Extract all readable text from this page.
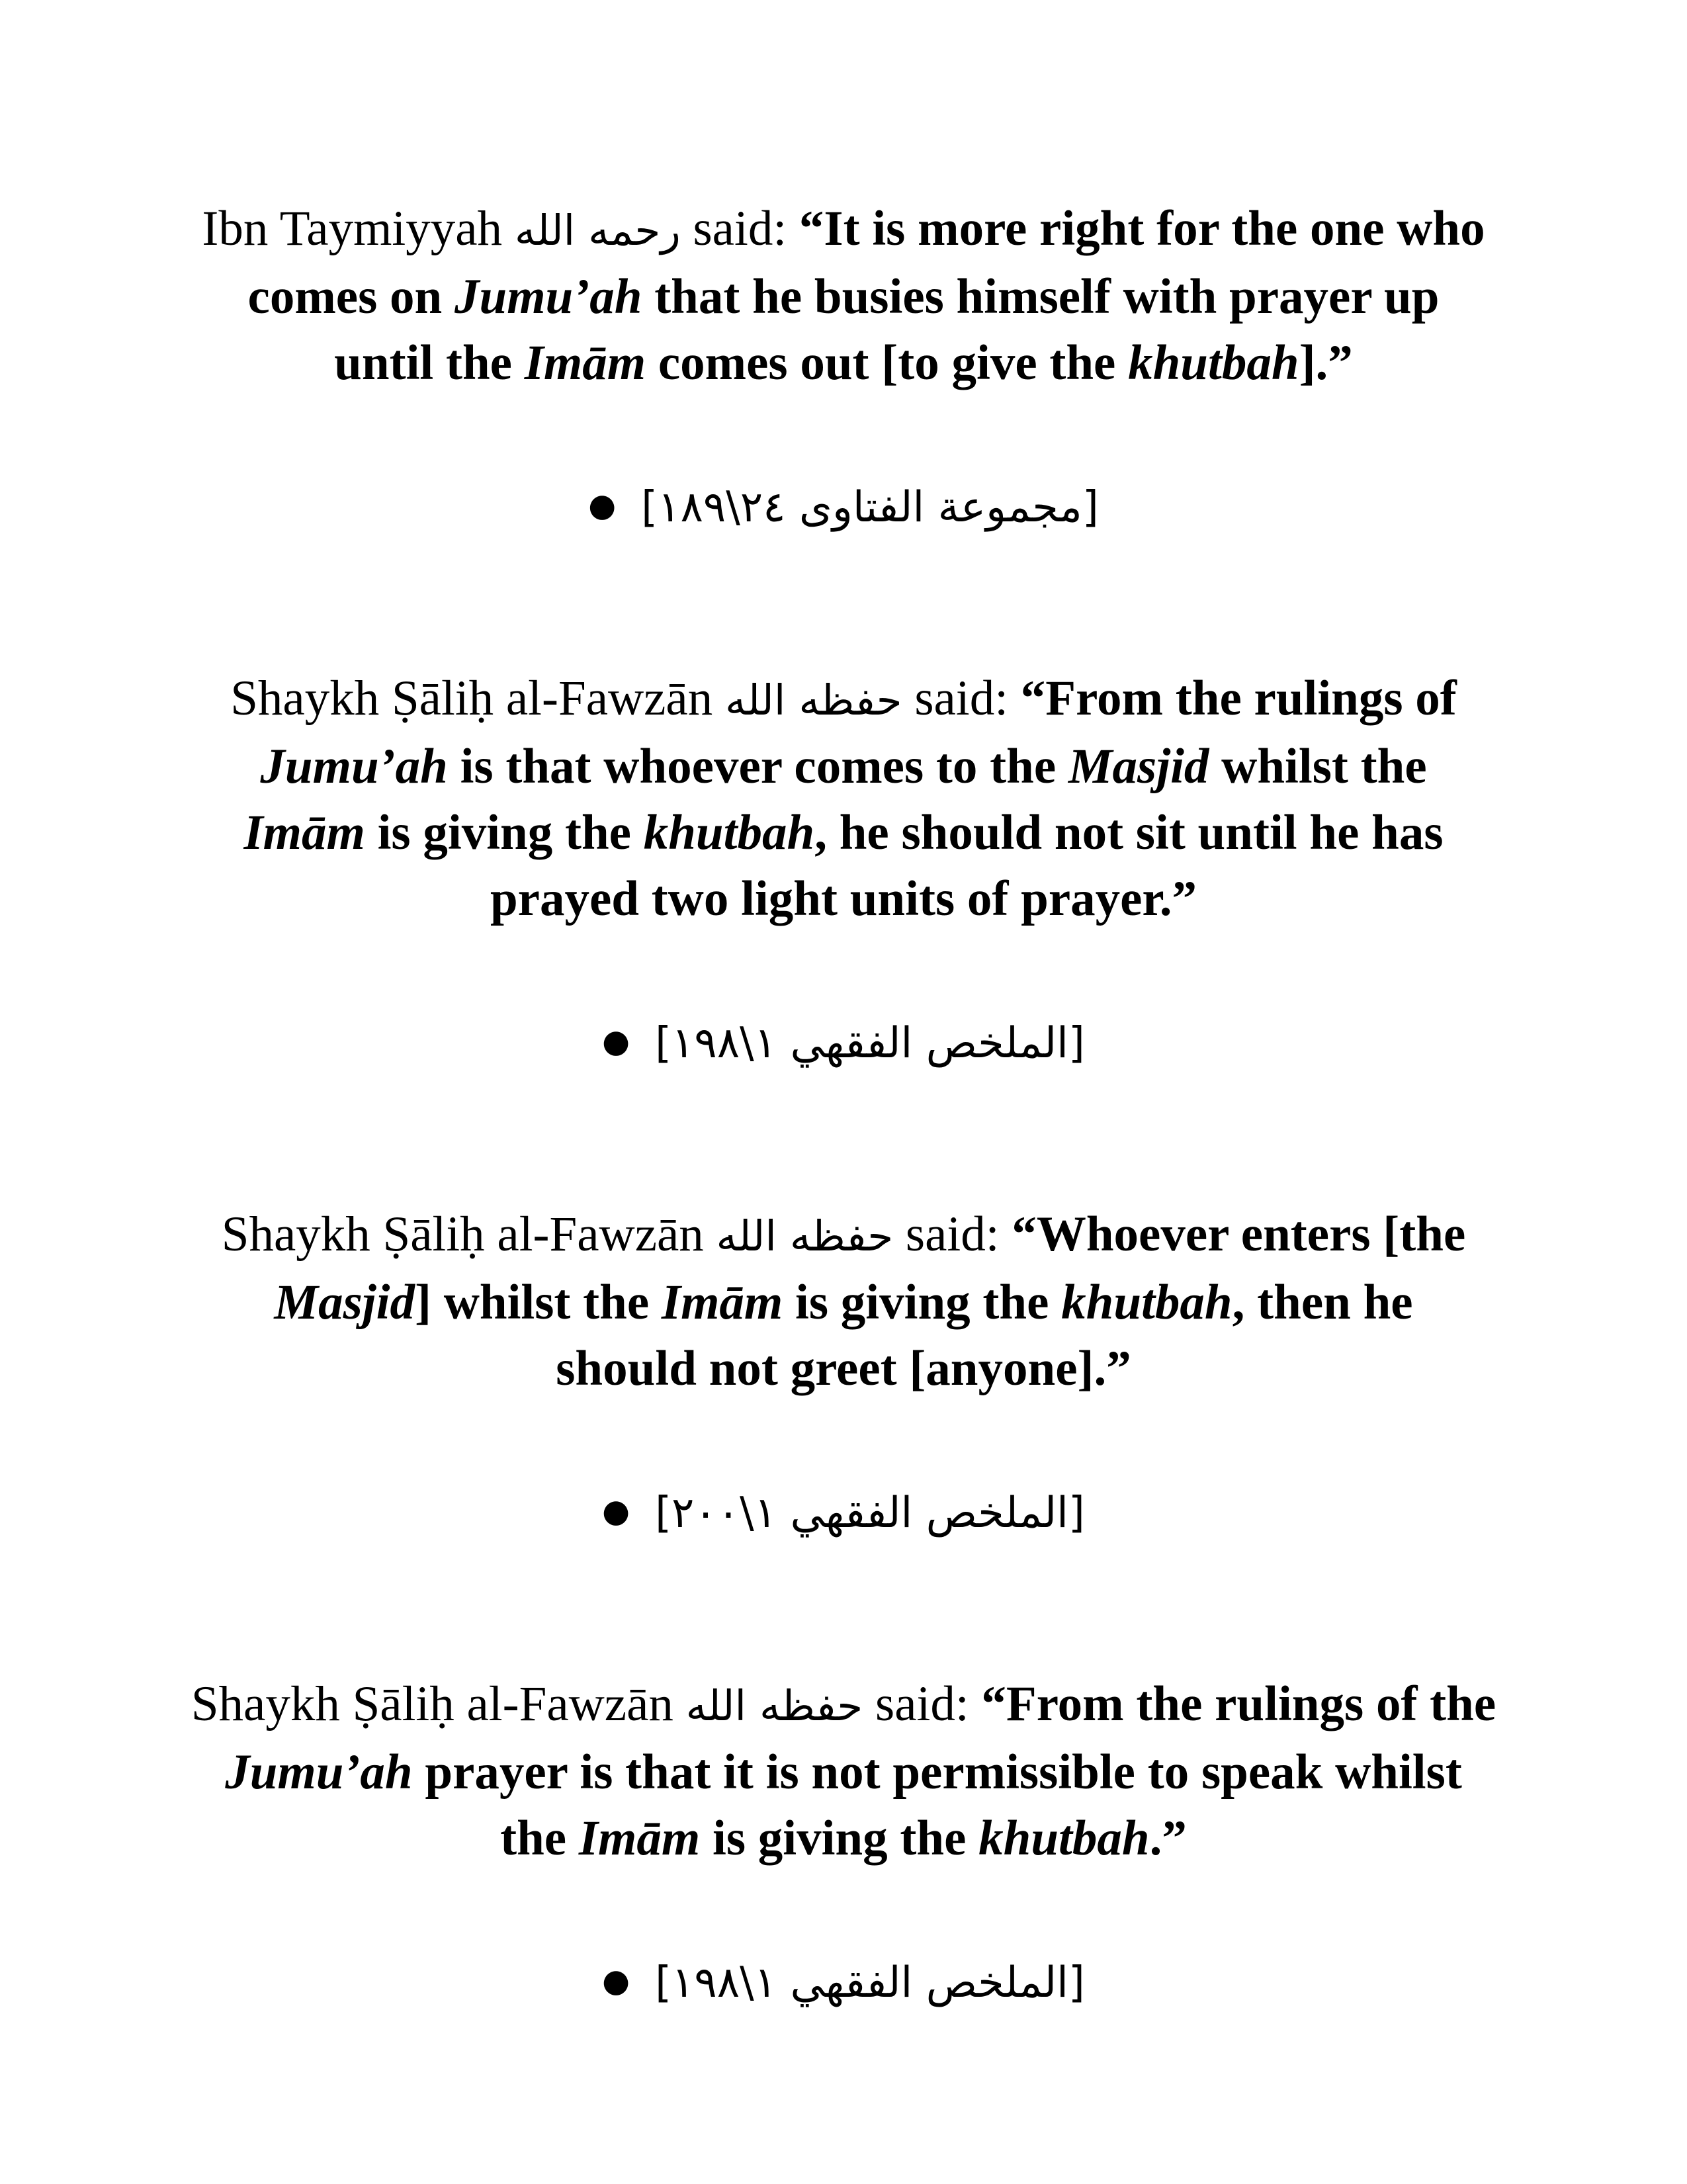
Ibn Taymiyyah رحمه الله said: “It is more right for the one who
comes on Jumu’ah that he busies himself with prayer up
until the Imām comes out [to give the khutbah].”
● [مجموعة الفتاوى ٢٤\١٨٩]
Shaykh Ṣāliḥ al-Fawzān حفظه الله said: “From the rulings of
Jumu’ah is that whoever comes to the Masjid whilst the
Imām is giving the khutbah, he should not sit until he has
prayed two light units of prayer.”
● [الملخص الفقهي ١\١٩٨]
Shaykh Ṣāliḥ al-Fawzān حفظه الله said: “Whoever enters [the
Masjid] whilst the Imām is giving the khutbah, then he
should not greet [anyone].”
● [الملخص الفقهي ١\٢٠٠]
Shaykh Ṣāliḥ al-Fawzān حفظه الله said: “From the rulings of the
Jumu’ah prayer is that it is not permissible to speak whilst
the Imām is giving the khutbah.”
● [الملخص الفقهي ١\١٩٨]
